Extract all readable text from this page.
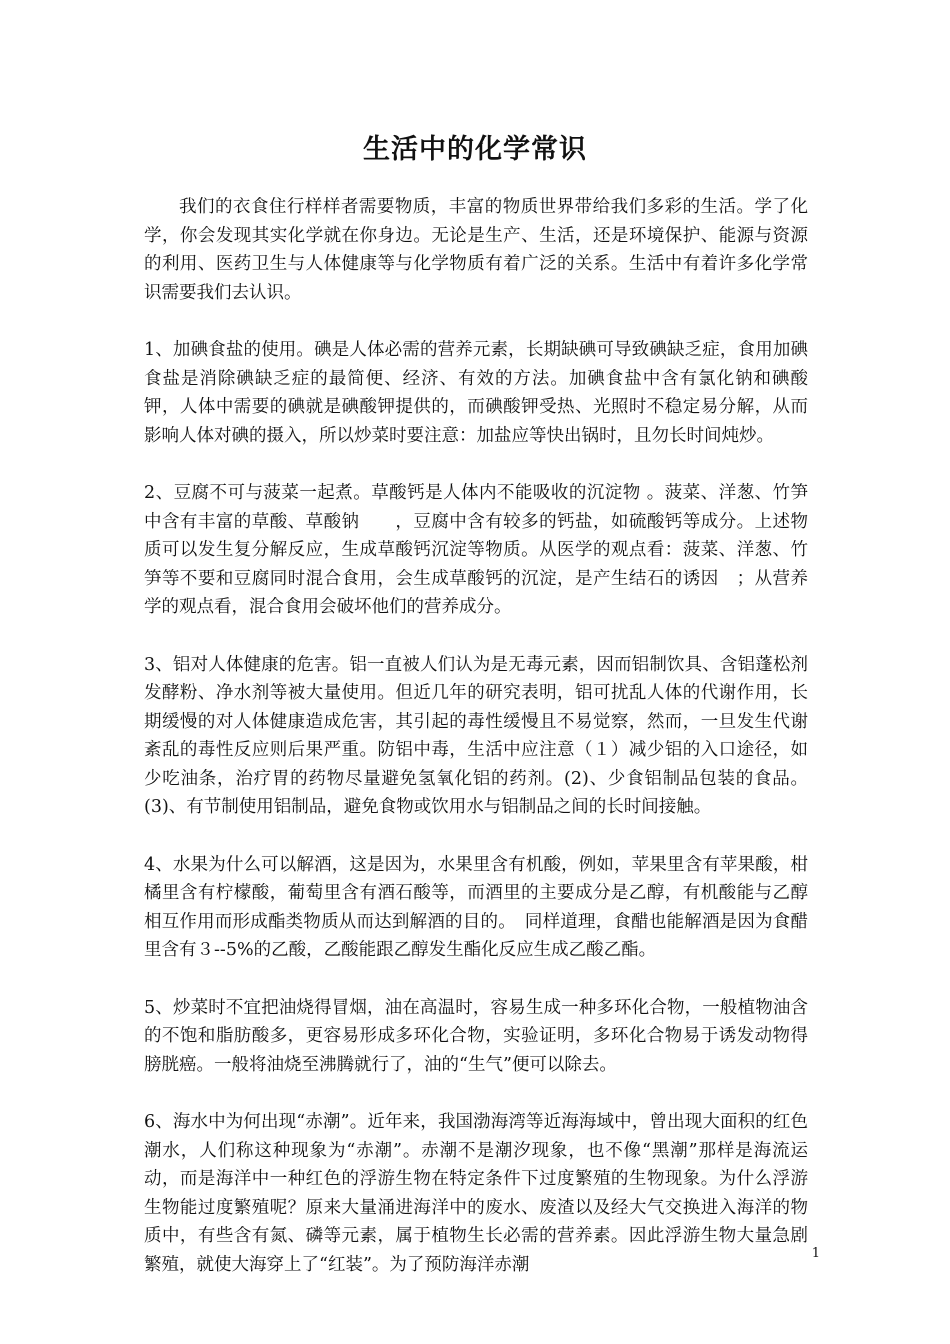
生活中的化学常识

我们的衣食住行样样者需要物质，丰富的物质世界带给我们多彩的生活。学了化学，你会发现其实化学就在你身边。无论是生产、生活，还是环境保护、能源与资源的利用、医药卫生与人体健康等与化学物质有着广泛的关系。生活中有着许多化学常识需要我们去认识。

1、加碘食盐的使用。碘是人体必需的营养元素，长期缺碘可导致碘缺乏症，食用加碘食盐是消除碘缺乏症的最简便、经济、有效的方法。加碘食盐中含有氯化钠和碘酸钾，人体中需要的碘就是碘酸钾提供的，而碘酸钾受热、光照时不稳定易分解，从而影响人体对碘的摄入，所以炒菜时要注意：加盐应等快出锅时，且勿长时间炖炒。

2、豆腐不可与菠菜一起煮。草酸钙是人体内不能吸收的沉淀物 。菠菜、洋葱、竹笋中含有丰富的草酸、草酸钠　　，豆腐中含有较多的钙盐，如硫酸钙等成分。上述物质可以发生复分解反应，生成草酸钙沉淀等物质。从医学的观点看：菠菜、洋葱、竹笋等不要和豆腐同时混合食用，会生成草酸钙的沉淀，是产生结石的诱因　；从营养学的观点看，混合食用会破坏他们的营养成分。

3、铝对人体健康的危害。铝一直被人们认为是无毒元素，因而铝制饮具、含铝蓬松剂发酵粉、净水剂等被大量使用。但近几年的研究表明，铝可扰乱人体的代谢作用，长期缓慢的对人体健康造成危害，其引起的毒性缓慢且不易觉察，然而，一旦发生代谢紊乱的毒性反应则后果严重。防铝中毒，生活中应注意（１）减少铝的入口途径，如少吃油条，治疗胃的药物尽量避免氢氧化铝的药剂。(2)、少食铝制品包装的食品。(3)、有节制使用铝制品，避免食物或饮用水与铝制品之间的长时间接触。

4、水果为什么可以解酒，这是因为，水果里含有机酸，例如，苹果里含有苹果酸，柑橘里含有柠檬酸，葡萄里含有酒石酸等，而酒里的主要成分是乙醇，有机酸能与乙醇相互作用而形成酯类物质从而达到解酒的目的。　同样道理，食醋也能解酒是因为食醋里含有３--5%的乙酸，乙酸能跟乙醇发生酯化反应生成乙酸乙酯。

5、炒菜时不宜把油烧得冒烟，油在高温时，容易生成一种多环化合物，一般植物油含的不饱和脂肪酸多，更容易形成多环化合物，实验证明，多环化合物易于诱发动物得膀胱癌。一般将油烧至沸腾就行了，油的“生气”便可以除去。

6、海水中为何出现“赤潮”。近年来，我国渤海湾等近海海域中，曾出现大面积的红色潮水，人们称这种现象为“赤潮”。赤潮不是潮汐现象，也不像“黑潮”那样是海流运动，而是海洋中一种红色的浮游生物在特定条件下过度繁殖的生物现象。为什么浮游生物能过度繁殖呢？原来大量涌进海洋中的废水、废渣以及经大气交换进入海洋的物质中，有些含有氮、磷等元素，属于植物生长必需的营养素。因此浮游生物大量急剧繁殖，就使大海穿上了“红装”。为了预防海洋赤潮

1
